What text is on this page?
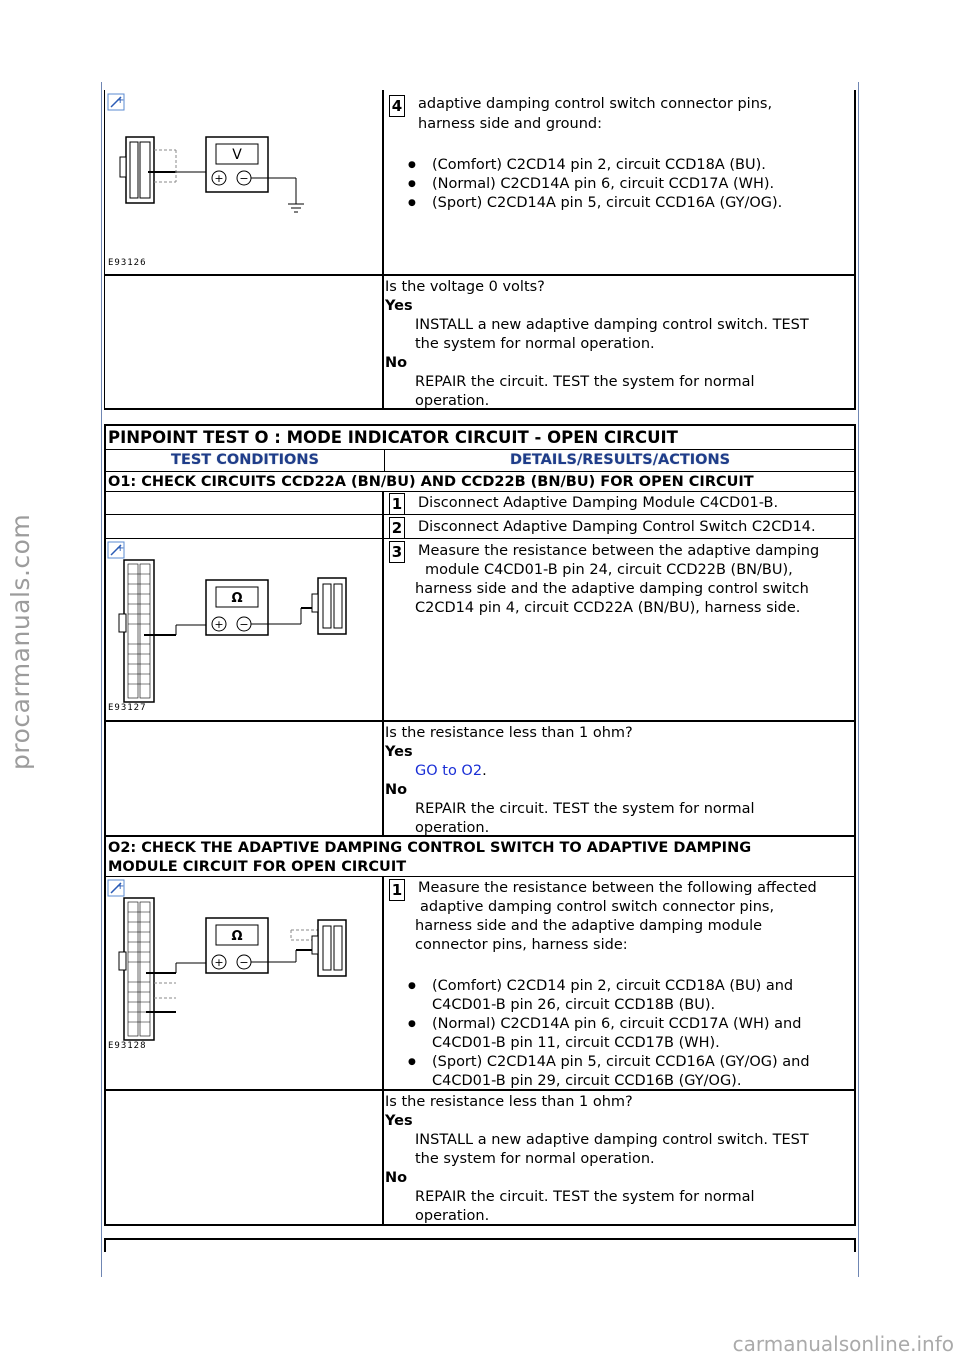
+
V
+ −
E93126
4 adaptive damping control switch connector pins,
harness side and ground:
● (Comfort) C2CD14 pin 2, circuit CCD18A (BU).
● (Normal) C2CD14A pin 6, circuit CCD17A (WH).
● (Sport) C2CD14A pin 5, circuit CCD16A (GY/OG).
Is the voltage 0 volts?
Yes
INSTALL a new adaptive damping control switch. TEST
the system for normal operation.
No
REPAIR the circuit. TEST the system for normal
operation.
PINPOINT TEST O : MODE INDICATOR CIRCUIT - OPEN CIRCUIT
TEST CONDITIONS	DETAILS/RESULTS/ACTIONS
O1: CHECK CIRCUITS CCD22A (BN/BU) AND CCD22B (BN/BU) FOR OPEN CIRCUIT
1 Disconnect Adaptive Damping Module C4CD01-B.
2 Disconnect Adaptive Damping Control Switch C2CD14.
3 Measure the resistance between the adaptive damping
module C4CD01-B pin 24, circuit CCD22B (BN/BU),
harness side and the adaptive damping control switch
C2CD14 pin 4, circuit CCD22A (BN/BU), harness side.
+
Ω
+ −
E93127
Is the resistance less than 1 ohm?
Yes
GO to O2.
No
REPAIR the circuit. TEST the system for normal
operation.
O2: CHECK THE ADAPTIVE DAMPING CONTROL SWITCH TO ADAPTIVE DAMPING
MODULE CIRCUIT FOR OPEN CIRCUIT
1 Measure the resistance between the following affected
adaptive damping control switch connector pins,
harness side and the adaptive damping module
connector pins, harness side:
● (Comfort) C2CD14 pin 2, circuit CCD18A (BU) and
C4CD01-B pin 26, circuit CCD18B (BU).
● (Normal) C2CD14A pin 6, circuit CCD17A (WH) and
C4CD01-B pin 11, circuit CCD17B (WH).
● (Sport) C2CD14A pin 5, circuit CCD16A (GY/OG) and
C4CD01-B pin 29, circuit CCD16B (GY/OG).
+
Ω
+ −
E93128
Is the resistance less than 1 ohm?
Yes
INSTALL a new adaptive damping control switch. TEST
the system for normal operation.
No
REPAIR the circuit. TEST the system for normal
operation.
procarmanuals.com
carmanualsonline.info
